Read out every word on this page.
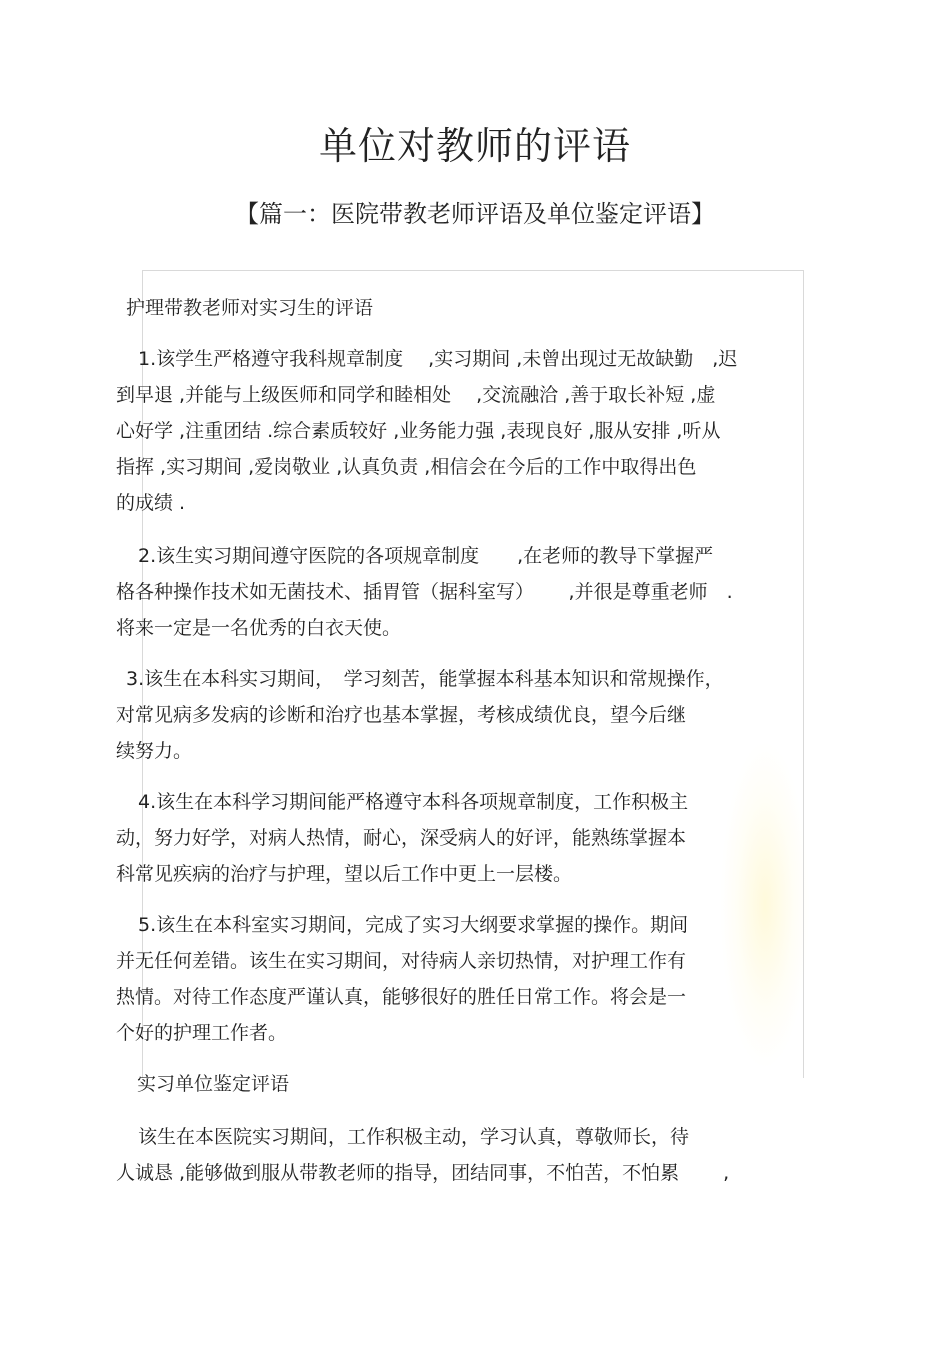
单位对教师的评语
【篇一：医院带教老师评语及单位鉴定评语】
护理带教老师对实习生的评语
1.该学生严格遵守我科规章制度　 ,实习期间 ,未曾出现过无故缺勤　,迟
到早退 ,并能与上级医师和同学和睦相处　 ,交流融洽 ,善于取长补短 ,虚
心好学 ,注重团结 .综合素质较好 ,业务能力强 ,表现良好 ,服从安排 ,听从
指挥 ,实习期间 ,爱岗敬业 ,认真负责 ,相信会在今后的工作中取得出色
的成绩 .
2.该生实习期间遵守医院的各项规章制度　　,在老师的教导下掌握严
格各种操作技术如无菌技术、插胃管（据科室写）　　 ,并很是尊重老师　.
将来一定是一名优秀的白衣天使。
3.该生在本科实习期间，　学习刻苦，能掌握本科基本知识和常规操作，
对常见病多发病的诊断和治疗也基本掌握，考核成绩优良，望今后继
续努力。
4.该生在本科学习期间能严格遵守本科各项规章制度，工作积极主
动，努力好学，对病人热情，耐心，深受病人的好评，能熟练掌握本
科常见疾病的治疗与护理，望以后工作中更上一层楼。
5.该生在本科室实习期间，完成了实习大纲要求掌握的操作。期间
并无任何差错。该生在实习期间，对待病人亲切热情，对护理工作有
热情。对待工作态度严谨认真，能够很好的胜任日常工作。将会是一
个好的护理工作者。
实习单位鉴定评语
该生在本医院实习期间，工作积极主动，学习认真，尊敬师长，待
人诚恳 ,能够做到服从带教老师的指导，团结同事，不怕苦，不怕累　　 ,
